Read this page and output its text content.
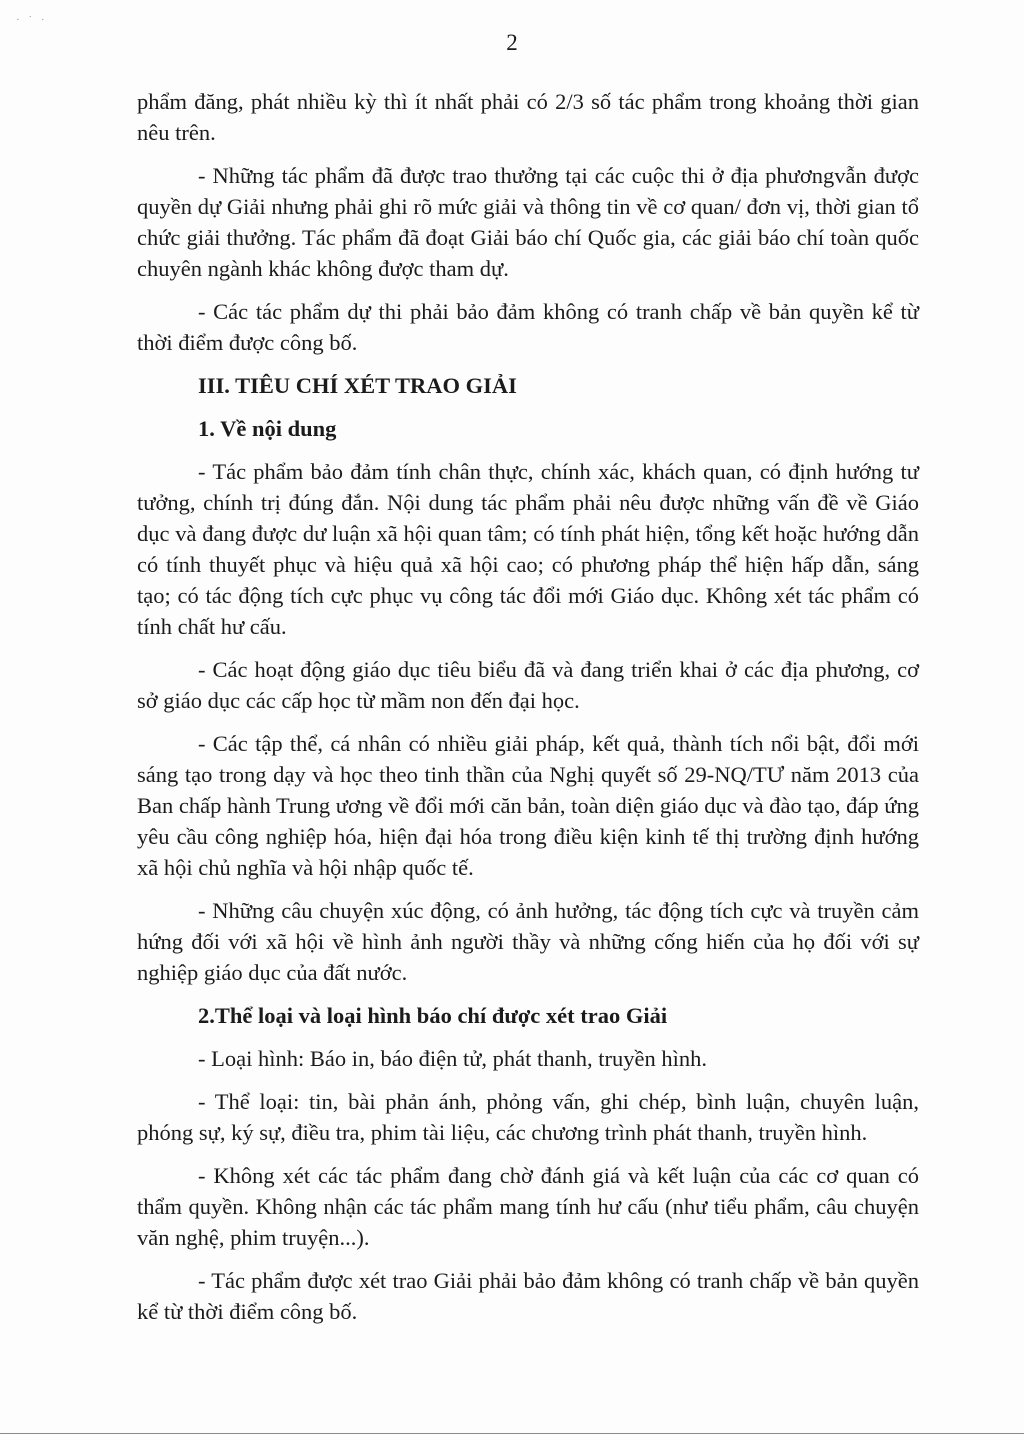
· ˙ ·
2

phẩm đăng, phát nhiều kỳ thì ít nhất phải có 2/3 số tác phẩm trong khoảng thời gian nêu trên.

- Những tác phẩm đã được trao thưởng tại các cuộc thi ở địa phươngvẫn được quyền dự Giải nhưng phải ghi rõ mức giải và thông tin về cơ quan/ đơn vị, thời gian tổ chức giải thưởng. Tác phẩm đã đoạt Giải báo chí Quốc gia, các giải báo chí toàn quốc chuyên ngành khác không được tham dự.

- Các tác phẩm dự thi phải bảo đảm không có tranh chấp về bản quyền kể từ thời điểm được công bố.

III. TIÊU CHÍ XÉT TRAO GIẢI
1. Về nội dung

- Tác phẩm bảo đảm tính chân thực, chính xác, khách quan, có định hướng tư tưởng, chính trị đúng đắn. Nội dung tác phẩm phải nêu được những vấn đề về Giáo dục và đang được dư luận xã hội quan tâm; có tính phát hiện, tổng kết hoặc hướng dẫn có tính thuyết phục và hiệu quả xã hội cao; có phương pháp thể hiện hấp dẫn, sáng tạo; có tác động tích cực phục vụ công tác đổi mới Giáo dục. Không xét tác phẩm có tính chất hư cấu.

- Các hoạt động giáo dục tiêu biểu đã và đang triển khai ở các địa phương, cơ sở giáo dục các cấp học từ mầm non đến đại học.

- Các tập thể, cá nhân có nhiều giải pháp, kết quả, thành tích nổi bật, đổi mới sáng tạo trong dạy và học theo tinh thần của Nghị quyết số 29-NQ/TƯ năm 2013 của Ban chấp hành Trung ương về đổi mới căn bản, toàn diện giáo dục và đào tạo, đáp ứng yêu cầu công nghiệp hóa, hiện đại hóa trong điều kiện kinh tế thị trường định hướng xã hội chủ nghĩa và hội nhập quốc tế.

- Những câu chuyện xúc động, có ảnh hưởng, tác động tích cực và truyền cảm hứng đối với xã hội về hình ảnh người thầy và những cống hiến của họ đối với sự nghiệp giáo dục của đất nước.

2.Thể loại và loại hình báo chí được xét trao Giải

- Loại hình: Báo in, báo điện tử, phát thanh, truyền hình.

- Thể loại: tin, bài phản ánh, phỏng vấn, ghi chép, bình luận, chuyên luận, phóng sự, ký sự, điều tra, phim tài liệu, các chương trình phát thanh, truyền hình.

- Không xét các tác phẩm đang chờ đánh giá và kết luận của các cơ quan có thẩm quyền. Không nhận các tác phẩm mang tính hư cấu (như tiểu phẩm, câu chuyện văn nghệ, phim truyện...).

- Tác phẩm được xét trao Giải phải bảo đảm không có tranh chấp về bản quyền kể từ thời điểm công bố.
